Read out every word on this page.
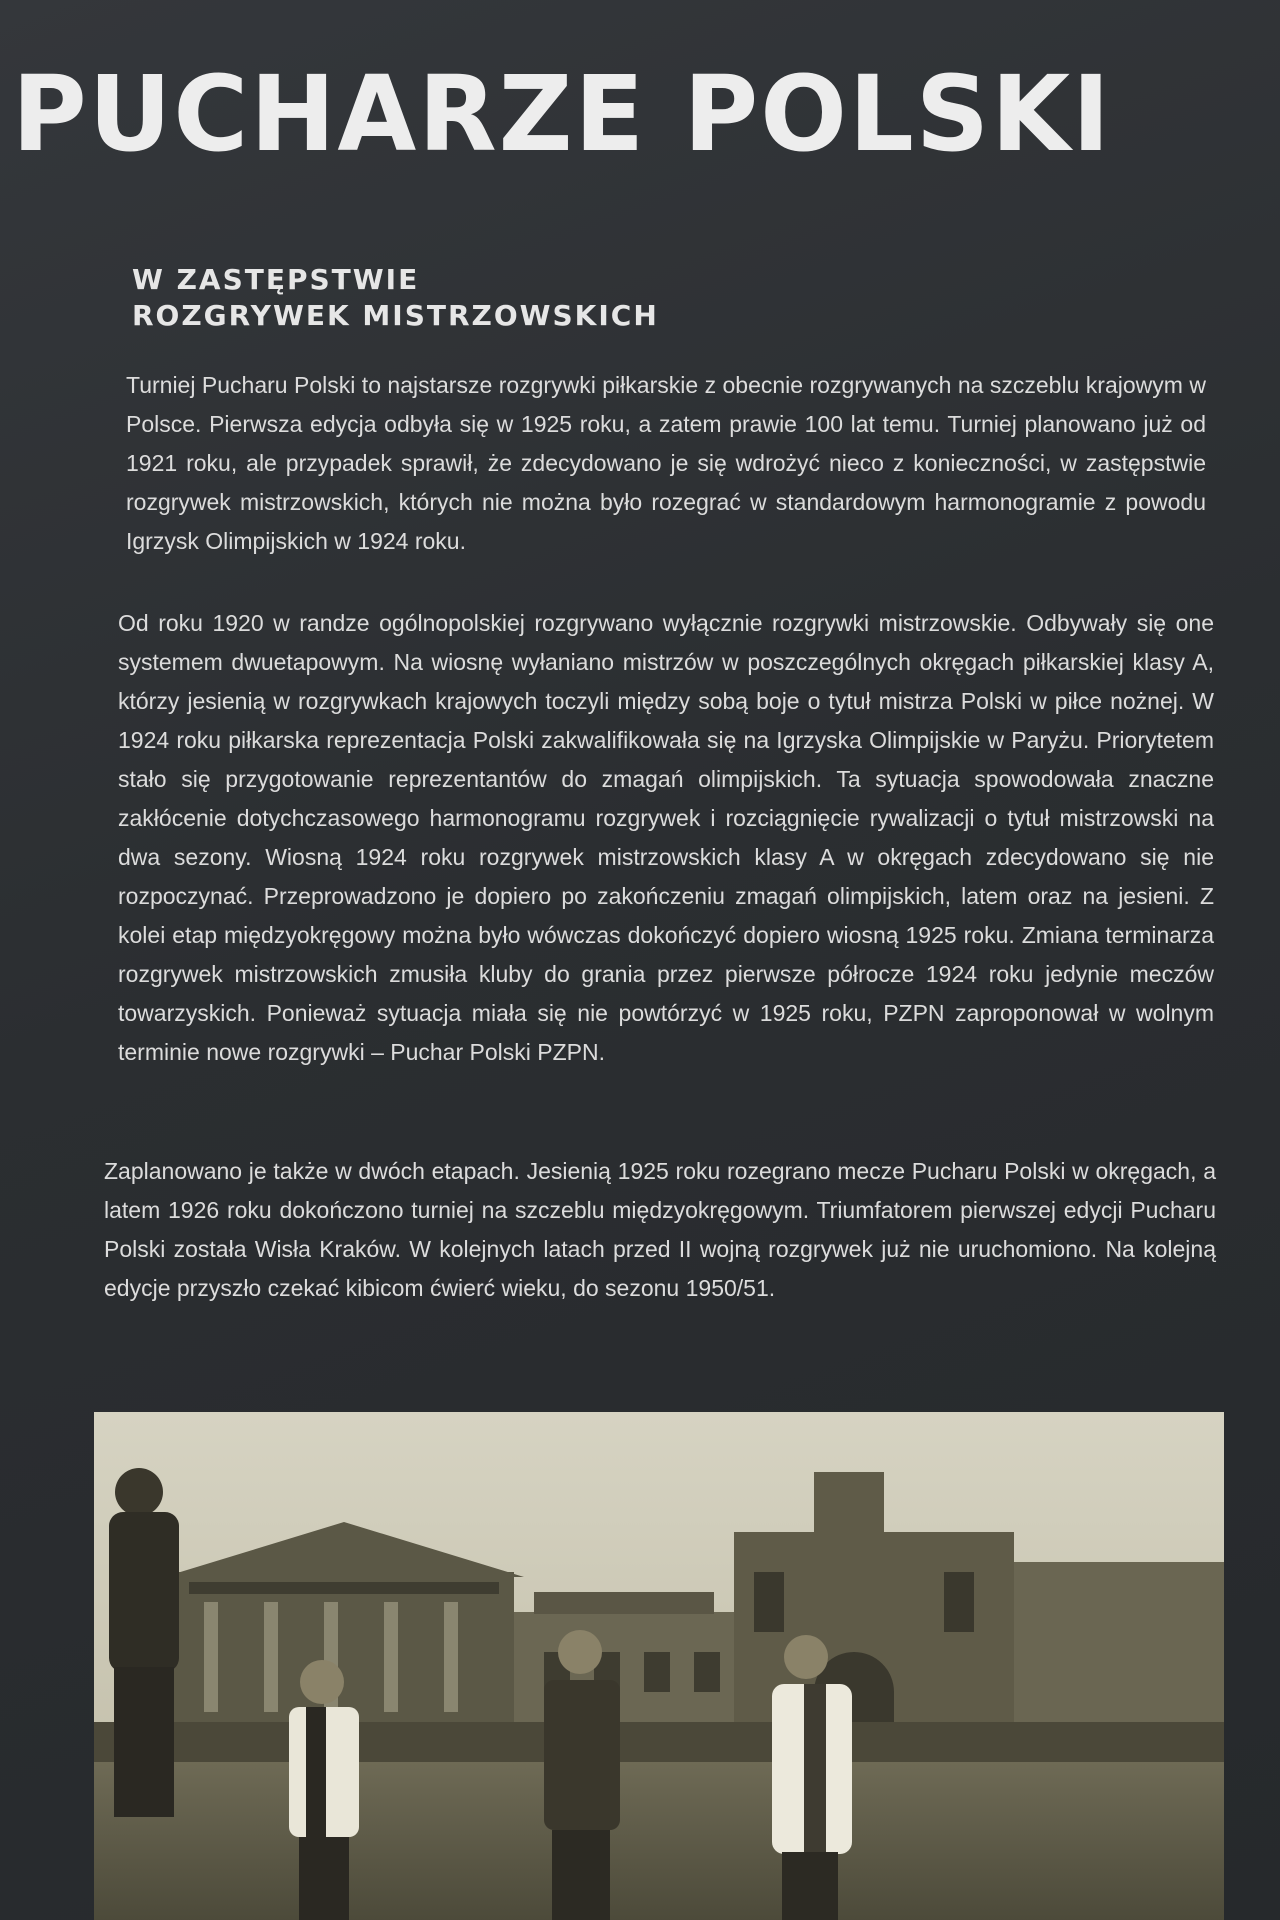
PUCHARZE POLSKI
W ZASTĘPSTWIE
ROZGRYWEK MISTRZOWSKICH

Turniej Pucharu Polski to najstarsze rozgrywki piłkarskie z obecnie rozgrywanych na szczeblu krajowym w Polsce. Pierwsza edycja odbyła się w 1925 roku, a zatem prawie 100 lat temu. Turniej planowano już od 1921 roku, ale przypadek sprawił, że zdecydowano je się wdrożyć nieco z konieczności, w zastępstwie rozgrywek mistrzowskich, których nie można było rozegrać w standardowym harmonogramie z powodu Igrzysk Olimpijskich w 1924 roku.

Od roku 1920 w randze ogólnopolskiej rozgrywano wyłącznie rozgrywki mistrzowskie. Odbywały się one systemem dwuetapowym. Na wiosnę wyłaniano mistrzów w poszczególnych okręgach piłkarskiej klasy A, którzy jesienią w rozgrywkach krajowych toczyli między sobą boje o tytuł mistrza Polski w piłce nożnej. W 1924 roku piłkarska reprezentacja Polski zakwalifikowała się na Igrzyska Olimpijskie w Paryżu. Priorytetem stało się przygotowanie reprezentantów do zmagań olimpijskich. Ta sytuacja spowodowała znaczne zakłócenie dotychczasowego harmonogramu rozgrywek i rozciągnięcie rywalizacji o tytuł mistrzowski na dwa sezony. Wiosną 1924 roku rozgrywek mistrzowskich klasy A w okręgach zdecydowano się nie rozpoczynać. Przeprowadzono je dopiero po zakończeniu zmagań olimpijskich, latem oraz na jesieni. Z kolei etap międzyokręgowy można było wówczas dokończyć dopiero wiosną 1925 roku. Zmiana terminarza rozgrywek mistrzowskich zmusiła kluby do grania przez pierwsze półrocze 1924 roku jedynie meczów towarzyskich. Ponieważ sytuacja miała się nie powtórzyć w 1925 roku, PZPN zaproponował w wolnym terminie nowe rozgrywki – Puchar Polski PZPN.

Zaplanowano je także w dwóch etapach. Jesienią 1925 roku rozegrano mecze Pucharu Polski w okręgach, a latem 1926 roku dokończono turniej na szczeblu międzyokręgowym. Triumfatorem pierwszej edycji Pucharu Polski została Wisła Kraków. W kolejnych latach przed II wojną rozgrywek już nie uruchomiono. Na kolejną edycje przyszło czekać kibicom ćwierć wieku, do sezonu 1950/51.
